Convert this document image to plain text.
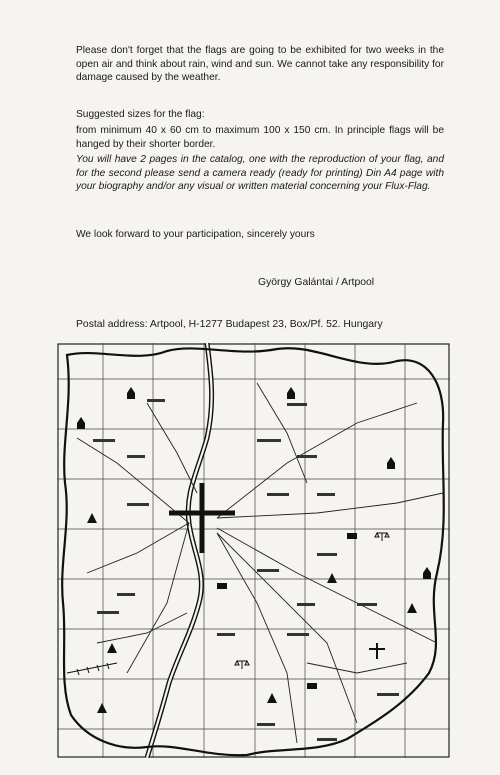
Please don't forget that the flags are going to be exhibited for two weeks in the open air and think about rain, wind and sun. We cannot take any responsibility for damage caused by the weather.

Suggested sizes for the flag:

from minimum 40 x 60 cm to maximum 100 x 150 cm. In principle flags will be hanged by their shorter border.

You will have 2 pages in the catalog, one with the reproduction of your flag, and for the second please send a camera ready (ready for printing) Din A4 page with your biography and/or any visual or written material concerning your Flux-Flag.

We look forward to your participation, sincerely yours

György Galántai / Artpool
Postal address: Artpool, H-1277 Budapest 23, Box/Pf. 52. Hungary
